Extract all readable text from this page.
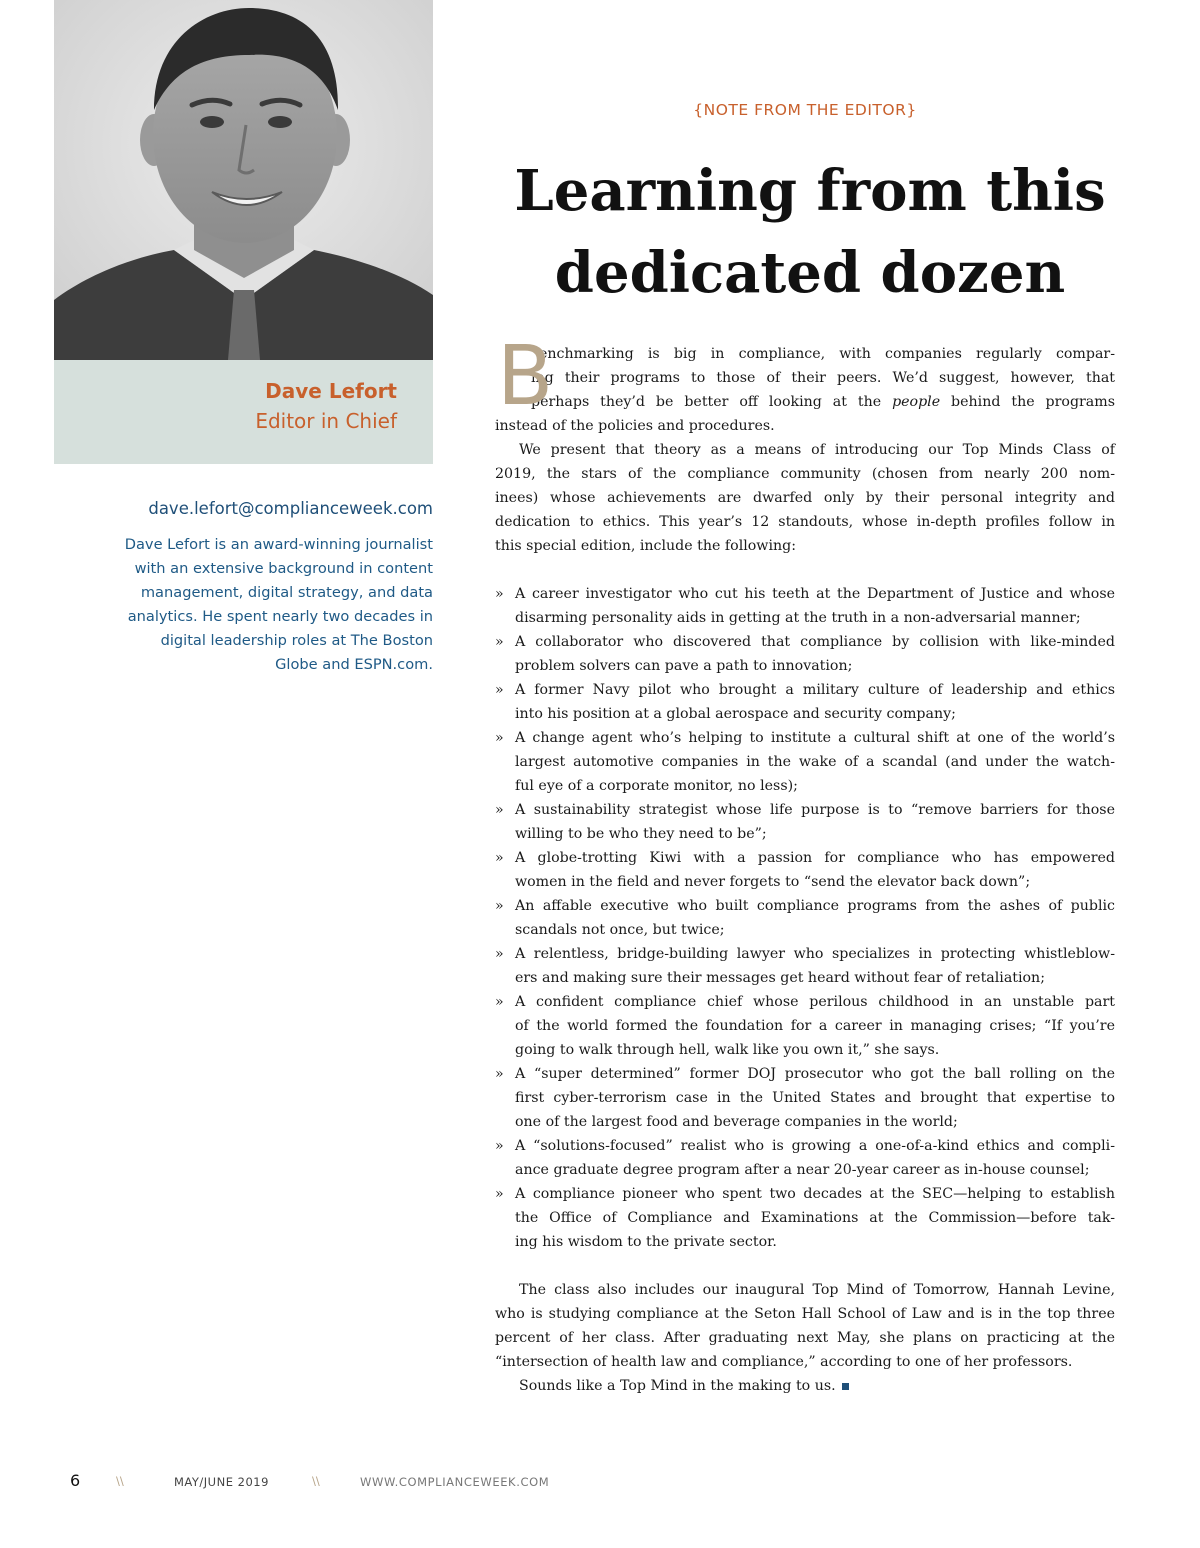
Dave Lefort
Editor in Chief
dave.lefort@complianceweek.com
Dave Lefort is an award-winning journalist
with an extensive background in content
management, digital strategy, and data
analytics. He spent nearly two decades in
digital leadership roles at The Boston
Globe and ESPN.com.
{NOTE FROM THE EDITOR}
Learning from this
dedicated dozen
B
enchmarking is big in compliance, with companies regularly compar-
ing their programs to those of their peers. We’d suggest, however, that
perhaps they’d be better off looking at the people behind the programs
instead of the policies and procedures.
We present that theory as a means of introducing our Top Minds Class of
2019, the stars of the compliance community (chosen from nearly 200 nom-
inees) whose achievements are dwarfed only by their personal integrity and
dedication to ethics. This year’s 12 standouts, whose in-depth profiles follow in
this special edition, include the following:
» A career investigator who cut his teeth at the Department of Justice and whose
disarming personality aids in getting at the truth in a non-adversarial manner;
» A collaborator who discovered that compliance by collision with like-minded
problem solvers can pave a path to innovation;
» A former Navy pilot who brought a military culture of leadership and ethics
into his position at a global aerospace and security company;
» A change agent who’s helping to institute a cultural shift at one of the world’s
largest automotive companies in the wake of a scandal (and under the watch-
ful eye of a corporate monitor, no less);
» A sustainability strategist whose life purpose is to “remove barriers for those
willing to be who they need to be”;
» A globe-trotting Kiwi with a passion for compliance who has empowered
women in the field and never forgets to “send the elevator back down”;
» An affable executive who built compliance programs from the ashes of public
scandals not once, but twice;
» A relentless, bridge-building lawyer who specializes in protecting whistleblow-
ers and making sure their messages get heard without fear of retaliation;
» A confident compliance chief whose perilous childhood in an unstable part
of the world formed the foundation for a career in managing crises; “If you’re
going to walk through hell, walk like you own it,” she says.
» A “super determined” former DOJ prosecutor who got the ball rolling on the
first cyber-terrorism case in the United States and brought that expertise to
one of the largest food and beverage companies in the world;
» A “solutions-focused” realist who is growing a one-of-a-kind ethics and compli-
ance graduate degree program after a near 20-year career as in-house counsel;
» A compliance pioneer who spent two decades at the SEC—helping to establish
the Office of Compliance and Examinations at the Commission—before tak-
ing his wisdom to the private sector.
The class also includes our inaugural Top Mind of Tomorrow, Hannah Levine,
who is studying compliance at the Seton Hall School of Law and is in the top three
percent of her class. After graduating next May, she plans on practicing at the
“intersection of health law and compliance,” according to one of her professors.
Sounds like a Top Mind in the making to us.
6	\\	MAY/JUNE 2019	\\	WWW.COMPLIANCEWEEK.COM
